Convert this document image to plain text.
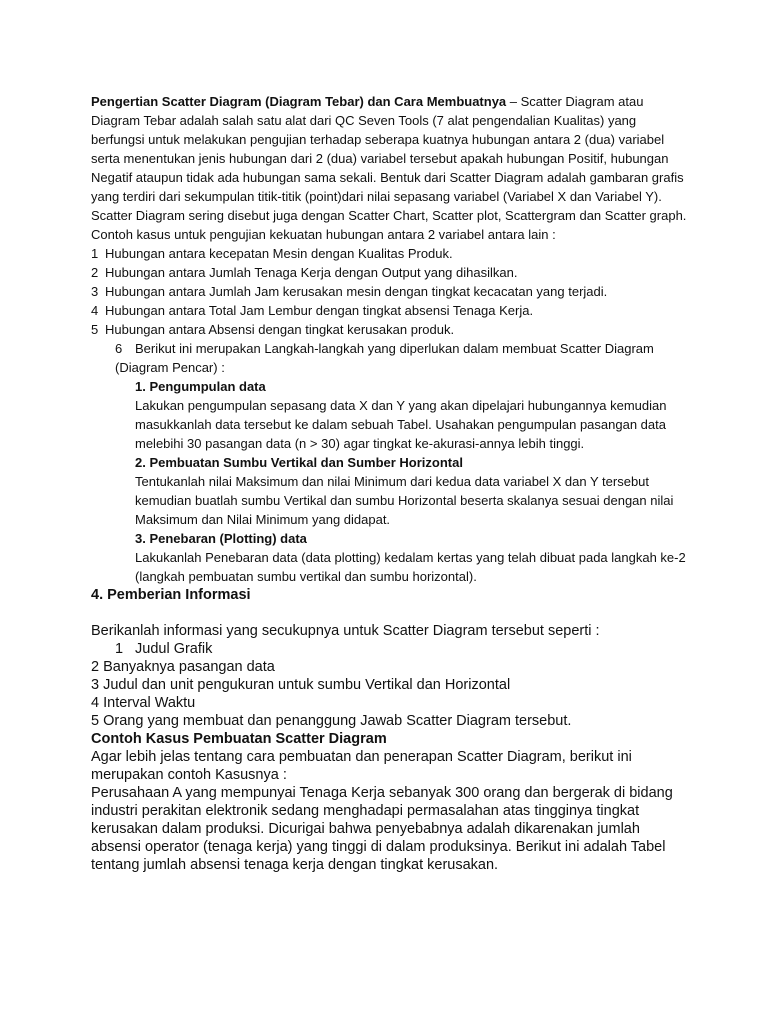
Pengertian Scatter Diagram (Diagram Tebar) dan Cara Membuatnya – Scatter Diagram atau Diagram Tebar adalah salah satu alat dari QC Seven Tools (7 alat pengendalian Kualitas) yang berfungsi untuk melakukan pengujian terhadap seberapa kuatnya hubungan antara 2 (dua) variabel serta menentukan jenis hubungan dari 2 (dua) variabel tersebut apakah hubungan Positif, hubungan Negatif ataupun tidak ada hubungan sama sekali. Bentuk dari Scatter Diagram adalah gambaran grafis yang terdiri dari sekumpulan titik-titik (point)dari nilai sepasang variabel (Variabel X dan Variabel Y).

Scatter Diagram sering disebut juga dengan Scatter Chart, Scatter plot, Scattergram dan Scatter graph.

Contoh kasus untuk pengujian kekuatan hubungan antara 2 variabel antara lain :

1 Hubungan antara kecepatan Mesin dengan Kualitas Produk.

2 Hubungan antara Jumlah Tenaga Kerja dengan Output yang dihasilkan.

3 Hubungan antara Jumlah Jam kerusakan mesin dengan tingkat kecacatan yang terjadi.

4 Hubungan antara Total Jam Lembur dengan tingkat absensi Tenaga Kerja.

5 Hubungan antara Absensi dengan tingkat kerusakan produk.

6 Berikut ini merupakan Langkah-langkah yang diperlukan dalam membuat Scatter Diagram (Diagram Pencar) :

1. Pengumpulan data

Lakukan pengumpulan sepasang data X dan Y yang akan dipelajari hubungannya kemudian masukkanlah data tersebut ke dalam sebuah Tabel. Usahakan pengumpulan pasangan data melebihi 30 pasangan data (n > 30) agar tingkat ke-akurasi-annya lebih tinggi.

2. Pembuatan Sumbu Vertikal dan Sumber Horizontal

Tentukanlah nilai Maksimum dan nilai Minimum dari kedua data variabel X dan Y tersebut kemudian buatlah sumbu Vertikal dan sumbu Horizontal beserta skalanya sesuai dengan nilai Maksimum dan Nilai Minimum yang didapat.

3. Penebaran (Plotting) data

Lakukanlah Penebaran data (data plotting) kedalam kertas yang telah dibuat pada langkah ke-2 (langkah pembuatan sumbu vertikal dan sumbu horizontal).

4. Pemberian Informasi

Berikanlah informasi yang secukupnya untuk Scatter Diagram tersebut seperti :

1 Judul Grafik

2 Banyaknya pasangan data

3 Judul dan unit pengukuran untuk sumbu Vertikal dan Horizontal

4 Interval Waktu

5 Orang yang membuat dan penanggung Jawab Scatter Diagram tersebut.

Contoh Kasus Pembuatan Scatter Diagram

Agar lebih jelas tentang cara pembuatan dan penerapan Scatter Diagram, berikut ini merupakan contoh Kasusnya :

Perusahaan A yang mempunyai Tenaga Kerja sebanyak 300 orang dan bergerak di bidang industri perakitan elektronik sedang menghadapi permasalahan atas tingginya tingkat kerusakan dalam produksi. Dicurigai bahwa penyebabnya adalah dikarenakan jumlah absensi operator (tenaga kerja) yang tinggi di dalam produksinya. Berikut ini adalah Tabel tentang jumlah absensi tenaga kerja dengan tingkat kerusakan.
